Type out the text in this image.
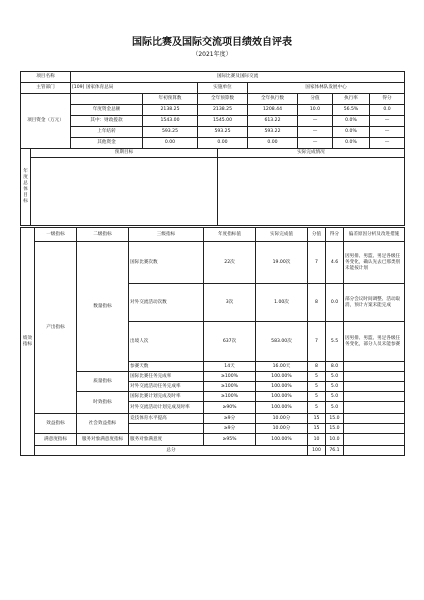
国际比赛及国际交流项目绩效自评表
（2021年度）
项目名称	国际比赛及国际交流						
主管部门	[109] 国家体育总局		实施单位	国家体林队发展中心			
项目资金（万元）		年初预算数	全年预算数	全年执行数	分值	执行率	得分
	年度资金总额	2138.25	2138.25	1208.44	10.0	56.5%	0.0
	其中：财政拨款	1543.00	1545.00	613.22	—	0.0%	—
	上年结转	593.25	593.25	593.22	—	0.0%	—
	其他资金	0.00	0.00	0.00	—	0.0%	—
年度总体目标	预期目标	实际完成情况

绩效指标	一级指标	二级指标	三级指标	年度指标值	实际完成值	分值	得分	偏差原因分析及改进措施
	产出指标	数量指标	国际比赛次数	22次	19.00次	7	4.6	因男排、男篮、男足各级任务变化，确认先去已那类别未能按计划
			对外交流活动次数	3次	1.00次	8	0.0	部分会议时间调整、活动取消，预计方案未能完成
			出境人次	637次	583.00次	7	5.5	因男排、男篮、男足各级任务变化，部分人员未能参赛
			参赛天数	14天	16.00天	8	8.0	
		质量指标	国际比赛任务完成率	≥100%	100.00%	5	5.0	
			对外交流活动任务完成率	≥100%	100.00%	5	5.0	
		时效指标	国际比赛计划完成及时率	≥100%	100.00%	5	5.0	
			对外交流活动计划完成及时率	≥90%	100.00%	5	5.0	
	效益指标	社会效益指标	竞技体育水平提高	≥9分	10.00分	15	15.0	
				≥9分	10.00分	15	15.0	
	满意度指标	服务对象满意度指标	服务对象满意度	≥95%	100.00%	10	10.0	
	总分					100	76.1	
